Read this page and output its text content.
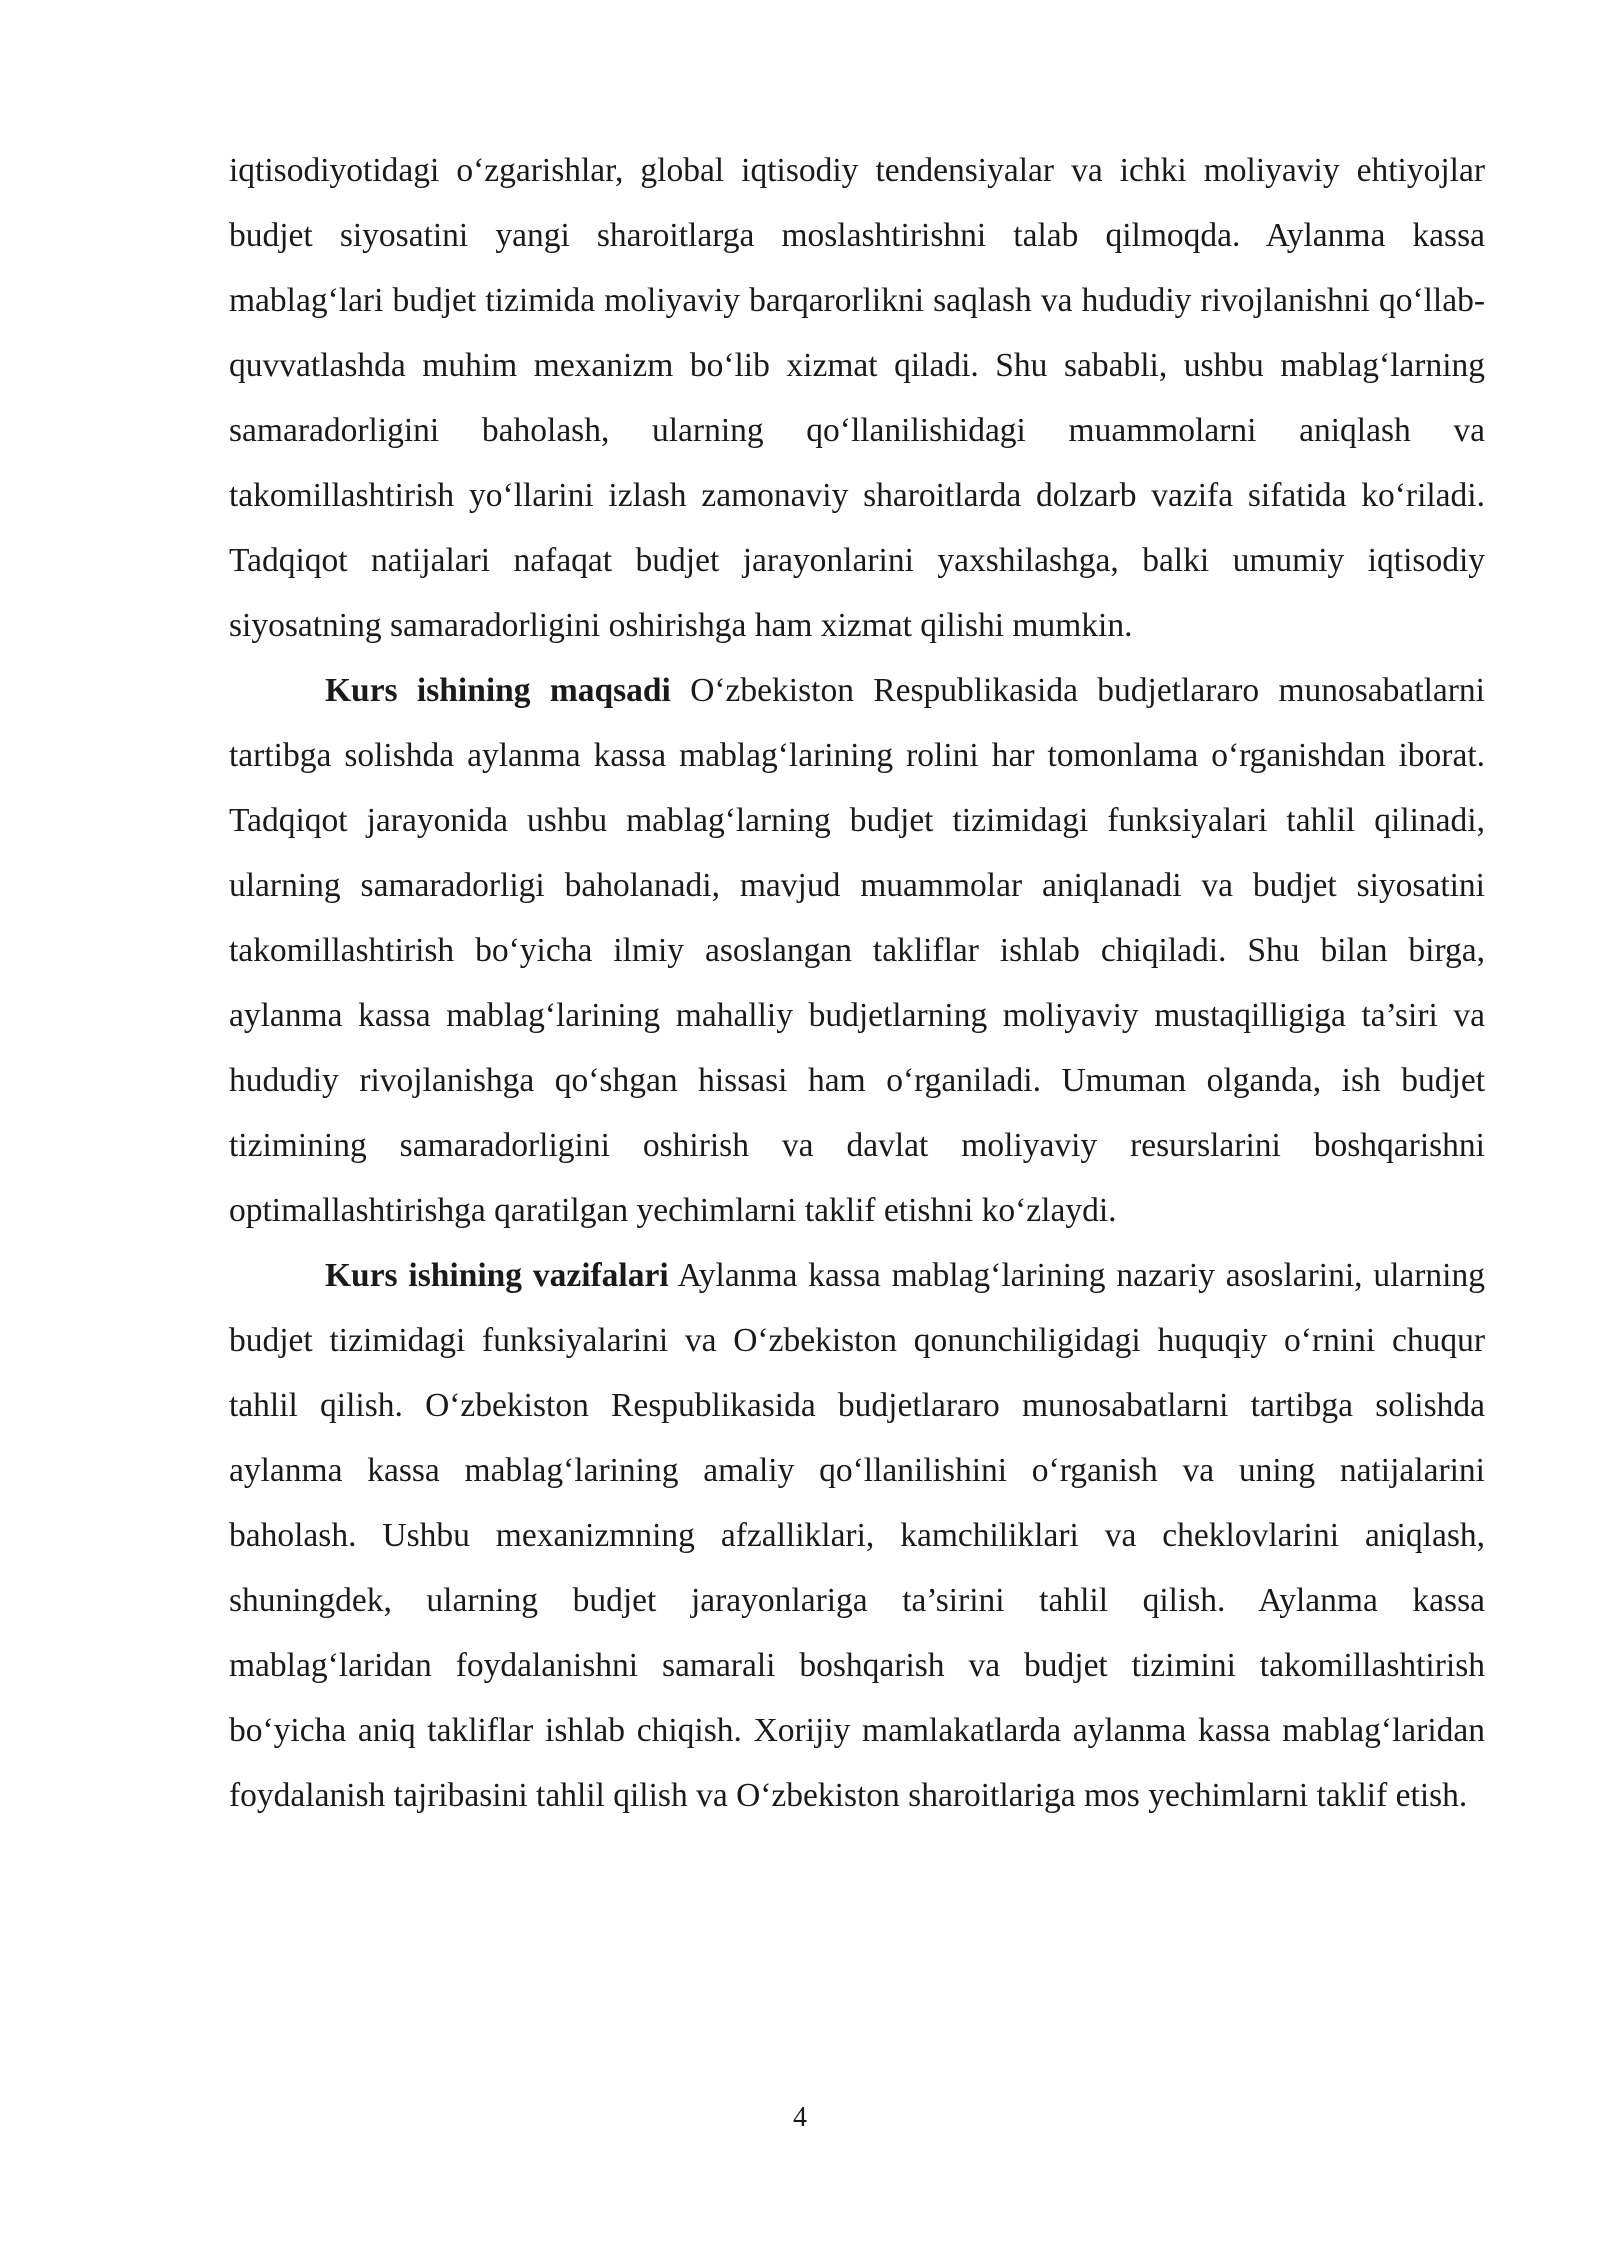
iqtisodiyotidagi o‘zgarishlar, global iqtisodiy tendensiyalar va ichki moliyaviy ehtiyojlar budjet siyosatini yangi sharoitlarga moslashtirishni talab qilmoqda. Aylanma kassa mablag‘lari budjet tizimida moliyaviy barqarorlikni saqlash va hududiy rivojlanishni qo‘llab-quvvatlashda muhim mexanizm bo‘lib xizmat qiladi. Shu sababli, ushbu mablag‘larning samaradorligini baholash, ularning qo‘llanilishidagi muammolarni aniqlash va takomillashtirish yo‘llarini izlash zamonaviy sharoitlarda dolzarb vazifa sifatida ko‘riladi. Tadqiqot natijalari nafaqat budjet jarayonlarini yaxshilashga, balki umumiy iqtisodiy siyosatning samaradorligini oshirishga ham xizmat qilishi mumkin.

Kurs ishining maqsadi O‘zbekiston Respublikasida budjetlararo munosabatlarni tartibga solishda aylanma kassa mablag‘larining rolini har tomonlama o‘rganishdan iborat. Tadqiqot jarayonida ushbu mablag‘larning budjet tizimidagi funksiyalari tahlil qilinadi, ularning samaradorligi baholanadi, mavjud muammolar aniqlanadi va budjet siyosatini takomillashtirish bo‘yicha ilmiy asoslangan takliflar ishlab chiqiladi. Shu bilan birga, aylanma kassa mablag‘larining mahalliy budjetlarning moliyaviy mustaqilligiga ta’siri va hududiy rivojlanishga qo‘shgan hissasi ham o‘rganiladi. Umuman olganda, ish budjet tizimining samaradorligini oshirish va davlat moliyaviy resurslarini boshqarishni optimallashtirishga qaratilgan yechimlarni taklif etishni ko‘zlaydi.

Kurs ishining vazifalari Aylanma kassa mablag‘larining nazariy asoslarini, ularning budjet tizimidagi funksiyalarini va O‘zbekiston qonunchiligidagi huquqiy o‘rnini chuqur tahlil qilish. O‘zbekiston Respublikasida budjetlararo munosabatlarni tartibga solishda aylanma kassa mablag‘larining amaliy qo‘llanilishini o‘rganish va uning natijalarini baholash. Ushbu mexanizmning afzalliklari, kamchiliklari va cheklovlarini aniqlash, shuningdek, ularning budjet jarayonlariga ta’sirini tahlil qilish. Aylanma kassa mablag‘laridan foydalanishni samarali boshqarish va budjet tizimini takomillashtirish bo‘yicha aniq takliflar ishlab chiqish. Xorijiy mamlakatlarda aylanma kassa mablag‘laridan foydalanish tajribasini tahlil qilish va O‘zbekiston sharoitlariga mos yechimlarni taklif etish.

4
